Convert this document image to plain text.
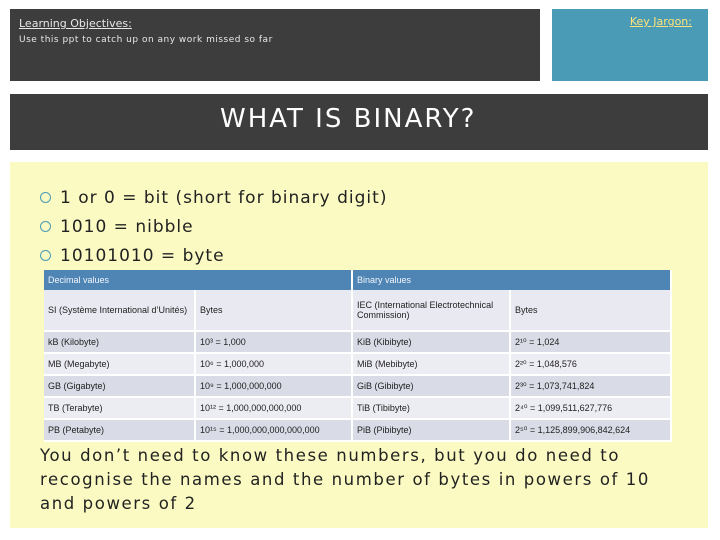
Learning Objectives:
Use this ppt to catch up on any work missed so far
Key Jargon:
WHAT IS BINARY?
1 or 0 = bit (short for binary digit)
1010 = nibble
10101010 = byte
Decimal values		Binary values	
SI (Système International d’Unités)	Bytes	IEC (International Electrotechnical Commission)	Bytes
kB (Kilobyte)	10³ = 1,000	KiB (Kibibyte)	2¹⁰ = 1,024
MB (Megabyte)	10⁶ = 1,000,000	MiB (Mebibyte)	2²⁰ = 1,048,576
GB (Gigabyte)	10⁹ = 1,000,000,000	GiB (Gibibyte)	2³⁰ = 1,073,741,824
TB (Terabyte)	10¹² = 1,000,000,000,000	TiB (Tibibyte)	2⁴⁰ = 1,099,511,627,776
PB (Petabyte)	10¹⁵ = 1,000,000,000,000,000	PiB (Pibibyte)	2⁵⁰ = 1,125,899,906,842,624
You don’t need to know these numbers, but you do need to recognise the names and the number of bytes in powers of 10 and powers of 2
